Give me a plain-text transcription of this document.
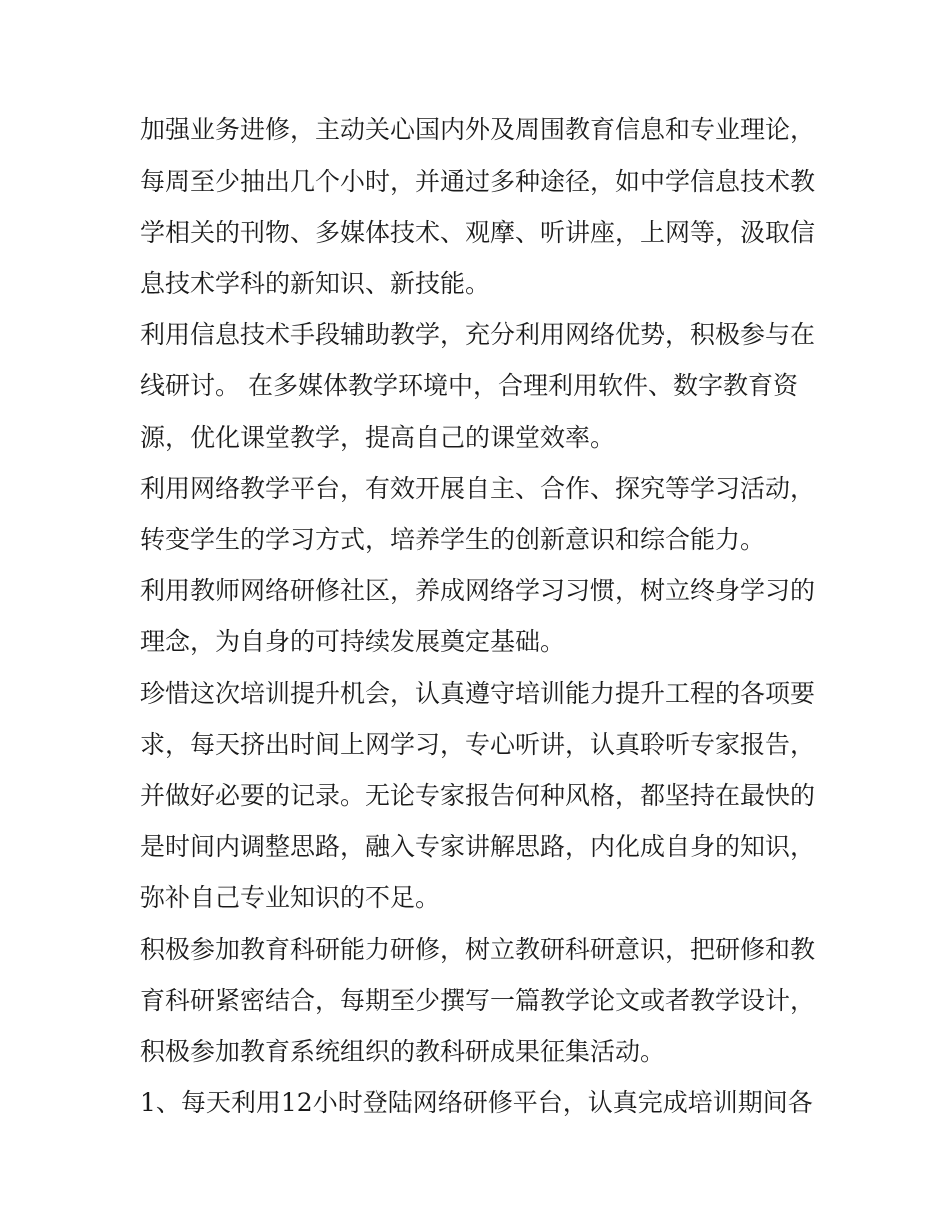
加强业务进修，主动关心国内外及周围教育信息和专业理论，
每周至少抽出几个小时，并通过多种途径，如中学信息技术教
学相关的刊物、多媒体技术、观摩、听讲座，上网等，汲取信
息技术学科的新知识、新技能。
利用信息技术手段辅助教学，充分利用网络优势，积极参与在
线研讨。 在多媒体教学环境中，合理利用软件、数字教育资
源，优化课堂教学，提高自己的课堂效率。
利用网络教学平台，有效开展自主、合作、探究等学习活动，
转变学生的学习方式，培养学生的创新意识和综合能力。
利用教师网络研修社区，养成网络学习习惯，树立终身学习的
理念，为自身的可持续发展奠定基础。
珍惜这次培训提升机会，认真遵守培训能力提升工程的各项要
求，每天挤出时间上网学习，专心听讲，认真聆听专家报告，
并做好必要的记录。无论专家报告何种风格，都坚持在最快的
是时间内调整思路，融入专家讲解思路，内化成自身的知识，
弥补自己专业知识的不足。
积极参加教育科研能力研修，树立教研科研意识，把研修和教
育科研紧密结合，每期至少撰写一篇教学论文或者教学设计，
积极参加教育系统组织的教科研成果征集活动。
1、每天利用12小时登陆网络研修平台，认真完成培训期间各
